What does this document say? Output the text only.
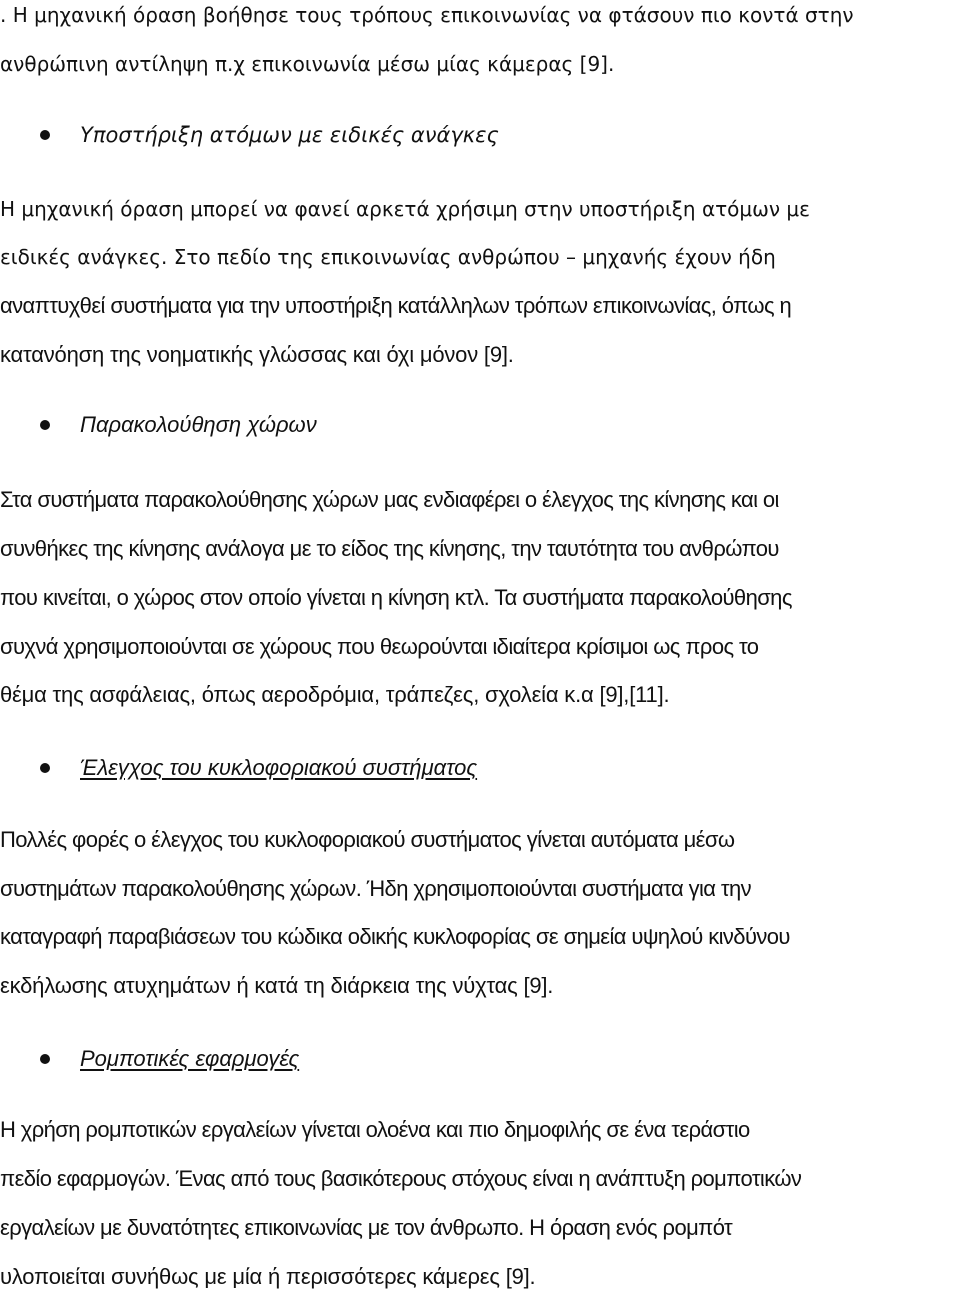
. Η μηχανική όραση βοήθησε τους τρόπους επικοινωνίας να φτάσουν πιο κοντά στην
ανθρώπινη αντίληψη π.χ επικοινωνία μέσω μίας κάμερας [9].
Υποστήριξη ατόμων με ειδικές ανάγκες
Η μηχανική όραση μπορεί να φανεί αρκετά χρήσιμη στην υποστήριξη ατόμων με
ειδικές ανάγκες. Στο πεδίο της επικοινωνίας ανθρώπου – μηχανής έχουν ήδη
αναπτυχθεί συστήματα για την υποστήριξη κατάλληλων τρόπων επικοινωνίας, όπως η
κατανόηση της νοηματικής γλώσσας και όχι μόνον [9].
Παρακολούθηση χώρων
Στα συστήματα παρακολούθησης χώρων μας ενδιαφέρει ο έλεγχος της κίνησης και οι
συνθήκες της κίνησης ανάλογα με το είδος της κίνησης, την ταυτότητα του ανθρώπου
που κινείται, ο χώρος στον οποίο γίνεται η κίνηση κτλ. Τα συστήματα παρακολούθησης
συχνά χρησιμοποιούνται σε χώρους που θεωρούνται ιδιαίτερα κρίσιμοι ως προς το
θέμα της ασφάλειας, όπως αεροδρόμια, τράπεζες, σχολεία κ.α [9],[11].
Έλεγχος του κυκλοφοριακού συστήματος
Πολλές φορές ο έλεγχος του κυκλοφοριακού συστήματος γίνεται αυτόματα μέσω
συστημάτων παρακολούθησης χώρων. Ήδη χρησιμοποιούνται συστήματα για την
καταγραφή παραβιάσεων του κώδικα οδικής κυκλοφορίας σε σημεία υψηλού κινδύνου
εκδήλωσης ατυχημάτων ή κατά τη διάρκεια της νύχτας [9].
Ρομποτικές εφαρμογές
Η χρήση ρομποτικών εργαλείων γίνεται ολοένα και πιο δημοφιλής σε ένα τεράστιο
πεδίο εφαρμογών. Ένας από τους βασικότερους στόχους είναι η ανάπτυξη ρομποτικών
εργαλείων με δυνατότητες επικοινωνίας με τον άνθρωπο. Η όραση ενός ρομπότ
υλοποιείται συνήθως με μία ή περισσότερες κάμερες [9].
